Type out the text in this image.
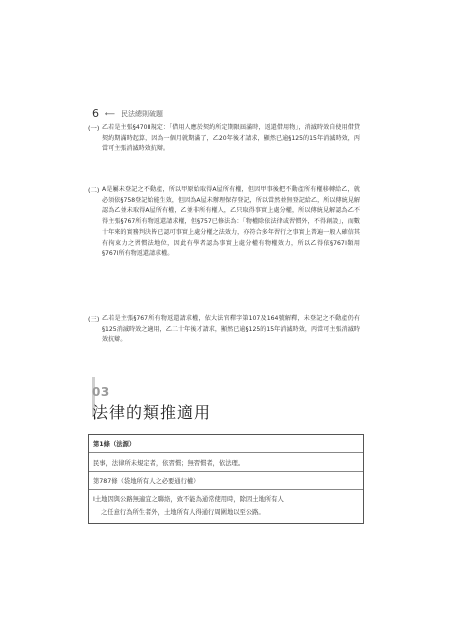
6 ⟵ 民法總則破題
(一) 乙若是主張§470Ⅱ規定：「借用人應於契約所定期限屆滿時，返還借用物」，消滅時效自使用借貸契約期滿時起算，因為一個月就期滿了，乙20年後才請求，顯然已逾§125的15年消滅時效，丙當可主張消滅時效抗辯。
(二) A是屬未登記之不動產，所以甲原始取得A屋所有權，但因甲事後把不動產所有權移轉給乙，就必須依§758登記始能生效，但因為A屋未辦理保存登記，所以當然並無登記給乙，所以傳統見解認為乙並未取得A屋所有權，乙並非所有權人，乙只取得事實上處分權，所以傳統見解認為乙不得主張§767所有物返還請求權，但§757已修法為：「物權除依法律或習慣外，不得創設」，而數十年來的實務判決皆已認可事實上處分權之法效力，亦符合多年習行之事實上普遍一般人確信其有拘束力之習慣法地位，因此有學者認為事實上處分權有物權效力，所以乙得依§767Ⅰ類用§767Ⅰ所有物返還請求權。
(三) 乙若是主張§767所有物返還請求權，依大法官釋字第107及164號解釋，未登記之不動產仍有§125消滅時效之適用，乙二十年後才請求，顯然已逾§125的15年消滅時效，丙當可主張消滅時效抗辯。
03
法律的類推適用
第1條（法源）
民事，法律所未規定者，依習慣；無習慣者，依法理。
第787條（袋地所有人之必要通行權）
Ⅰ土地因與公路無適宜之聯絡，致不能為通常使用時，除因土地所有人
之任意行為所生者外，土地所有人得通行周圍地以至公路。
